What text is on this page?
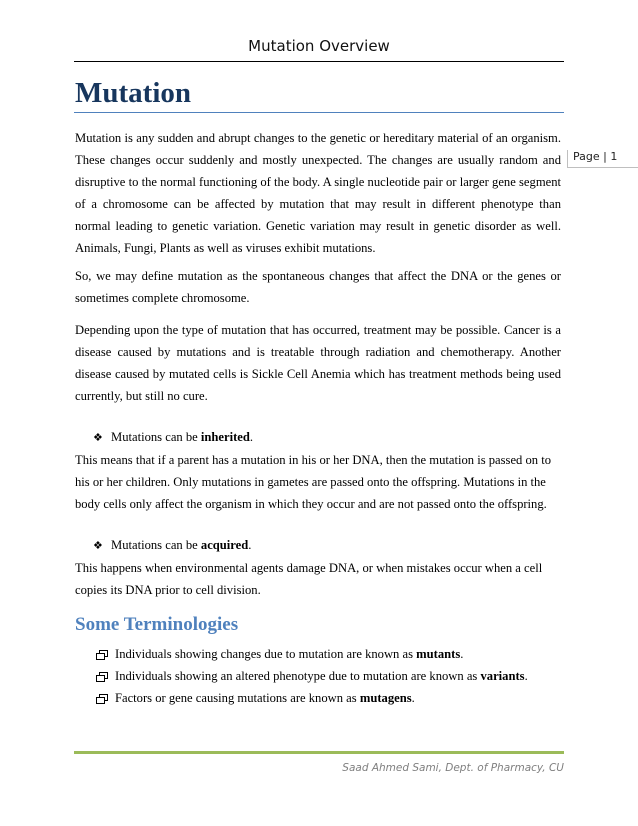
Mutation Overview
Page | 1
Mutation

Mutation is any sudden and abrupt changes to the genetic or hereditary material of an organism. These changes occur suddenly and mostly unexpected. The changes are usually random and disruptive to the normal functioning of the body. A single nucleotide pair or larger gene segment of a chromosome can be affected by mutation that may result in different phenotype than normal leading to genetic variation. Genetic variation may result in genetic disorder as well. Animals, Fungi, Plants as well as viruses exhibit mutations.

So, we may define mutation as the spontaneous changes that affect the DNA or the genes or sometimes complete chromosome.

Depending upon the type of mutation that has occurred, treatment may be possible. Cancer is a disease caused by mutations and is treatable through radiation and chemotherapy. Another disease caused by mutated cells is Sickle Cell Anemia which has treatment methods being used currently, but still no cure.

❖ Mutations can be inherited.

This means that if a parent has a mutation in his or her DNA, then the mutation is passed on to his or her children. Only mutations in gametes are passed onto the offspring. Mutations in the body cells only affect the organism in which they occur and are not passed onto the offspring.

❖ Mutations can be acquired.

This happens when environmental agents damage DNA, or when mistakes occur when a cell copies its DNA prior to cell division.

Some Terminologies
Individuals showing changes due to mutation are known as mutants.
Individuals showing an altered phenotype due to mutation are known as variants.
Factors or gene causing mutations are known as mutagens.
Saad Ahmed Sami, Dept. of Pharmacy, CU
